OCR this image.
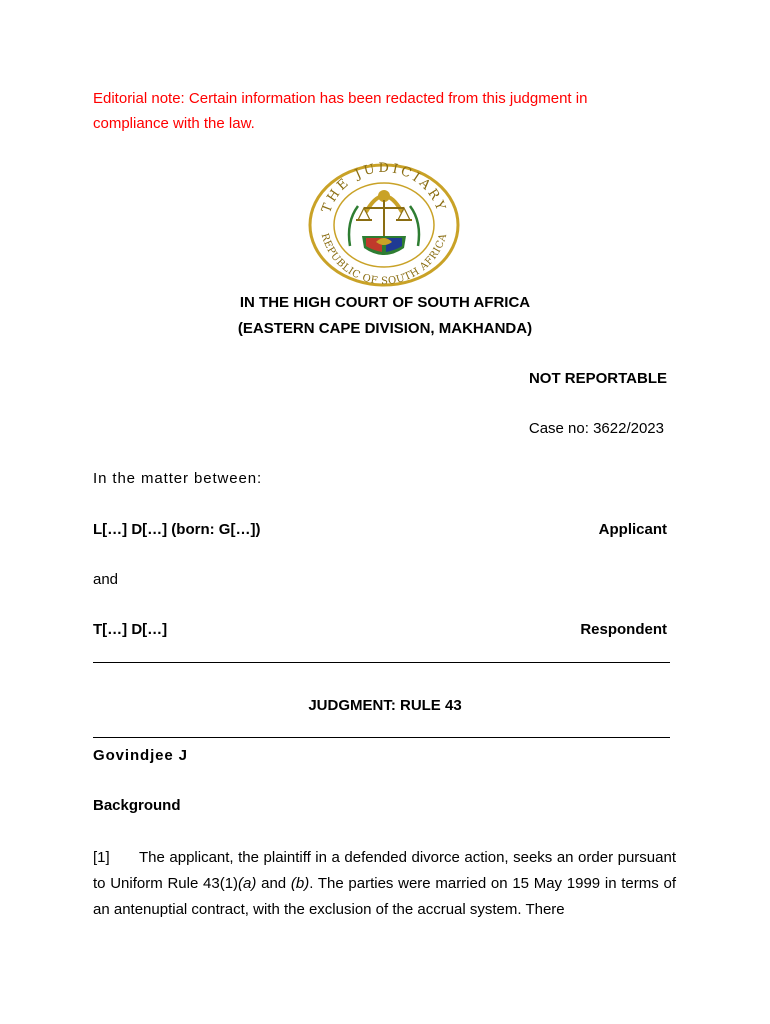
Editorial note: Certain information has been redacted from this judgment in compliance with the law.
THE JUDICIARY
REPUBLIC OF SOUTH AFRICA
IN THE HIGH COURT OF SOUTH AFRICA
(EASTERN CAPE DIVISION, MAKHANDA)
NOT REPORTABLE
Case no: 3622/2023
In the matter between:
L[…] D[…] (born: G[…])	Applicant
and
T[…] D[…]	Respondent
JUDGMENT: RULE 43
Govindjee J
Background
[1] The applicant, the plaintiff in a defended divorce action, seeks an order pursuant to Uniform Rule 43(1)(a) and (b). The parties were married on 15 May 1999 in terms of an antenuptial contract, with the exclusion of the accrual system. There
